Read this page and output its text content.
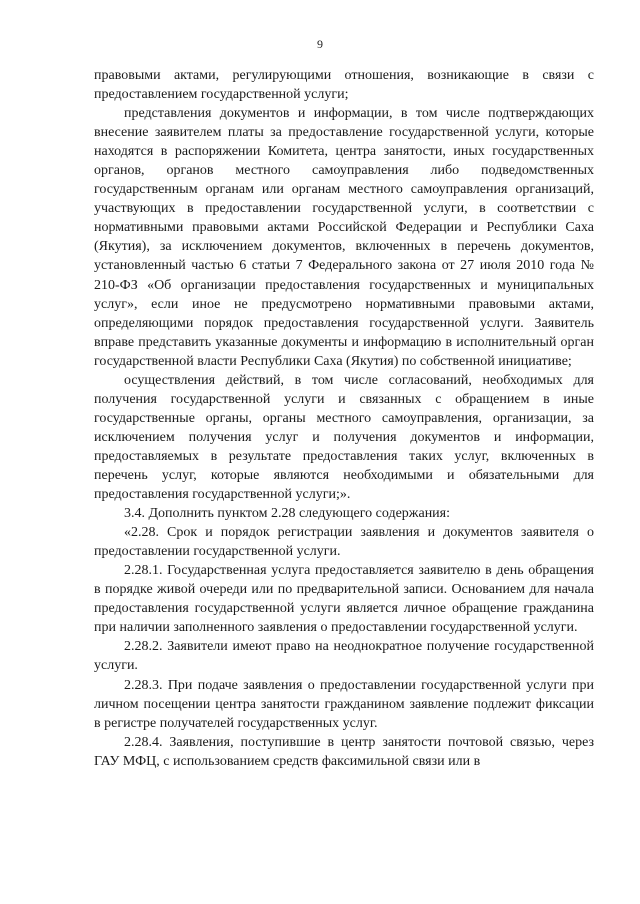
9

правовыми актами, регулирующими отношения, возникающие в связи с предоставлением государственной услуги;

представления документов и информации, в том числе подтверждающих внесение заявителем платы за предоставление государственной услуги, которые находятся в распоряжении Комитета, центра занятости, иных государственных органов, органов местного самоуправления либо подведомственных государственным органам или органам местного самоуправления организаций, участвующих в предоставлении государственной услуги, в соответствии с нормативными правовыми актами Российской Федерации и Республики Саха (Якутия), за исключением документов, включенных в перечень документов, установленный частью 6 статьи 7 Федерального закона от 27 июля 2010 года № 210-ФЗ «Об организации предоставления государственных и муниципальных услуг», если иное не предусмотрено нормативными правовыми актами, определяющими порядок предоставления государственной услуги. Заявитель вправе представить указанные документы и информацию в исполнительный орган государственной власти Республики Саха (Якутия) по собственной инициативе;

осуществления действий, в том числе согласований, необходимых для получения государственной услуги и связанных с обращением в иные государственные органы, органы местного самоуправления, организации, за исключением получения услуг и получения документов и информации, предоставляемых в результате предоставления таких услуг, включенных в перечень услуг, которые являются необходимыми и обязательными для предоставления государственной услуги;».

3.4. Дополнить пунктом 2.28 следующего содержания:

«2.28. Срок и порядок регистрации заявления и документов заявителя о предоставлении государственной услуги.

2.28.1. Государственная услуга предоставляется заявителю в день обращения в порядке живой очереди или по предварительной записи. Основанием для начала предоставления государственной услуги является личное обращение гражданина при наличии заполненного заявления о предоставлении государственной услуги.

2.28.2. Заявители имеют право на неоднократное получение государственной услуги.

2.28.3. При подаче заявления о предоставлении государственной услуги при личном посещении центра занятости гражданином заявление подлежит фиксации в регистре получателей государственных услуг.

2.28.4. Заявления, поступившие в центр занятости почтовой связью, через ГАУ МФЦ, с использованием средств факсимильной связи или в
